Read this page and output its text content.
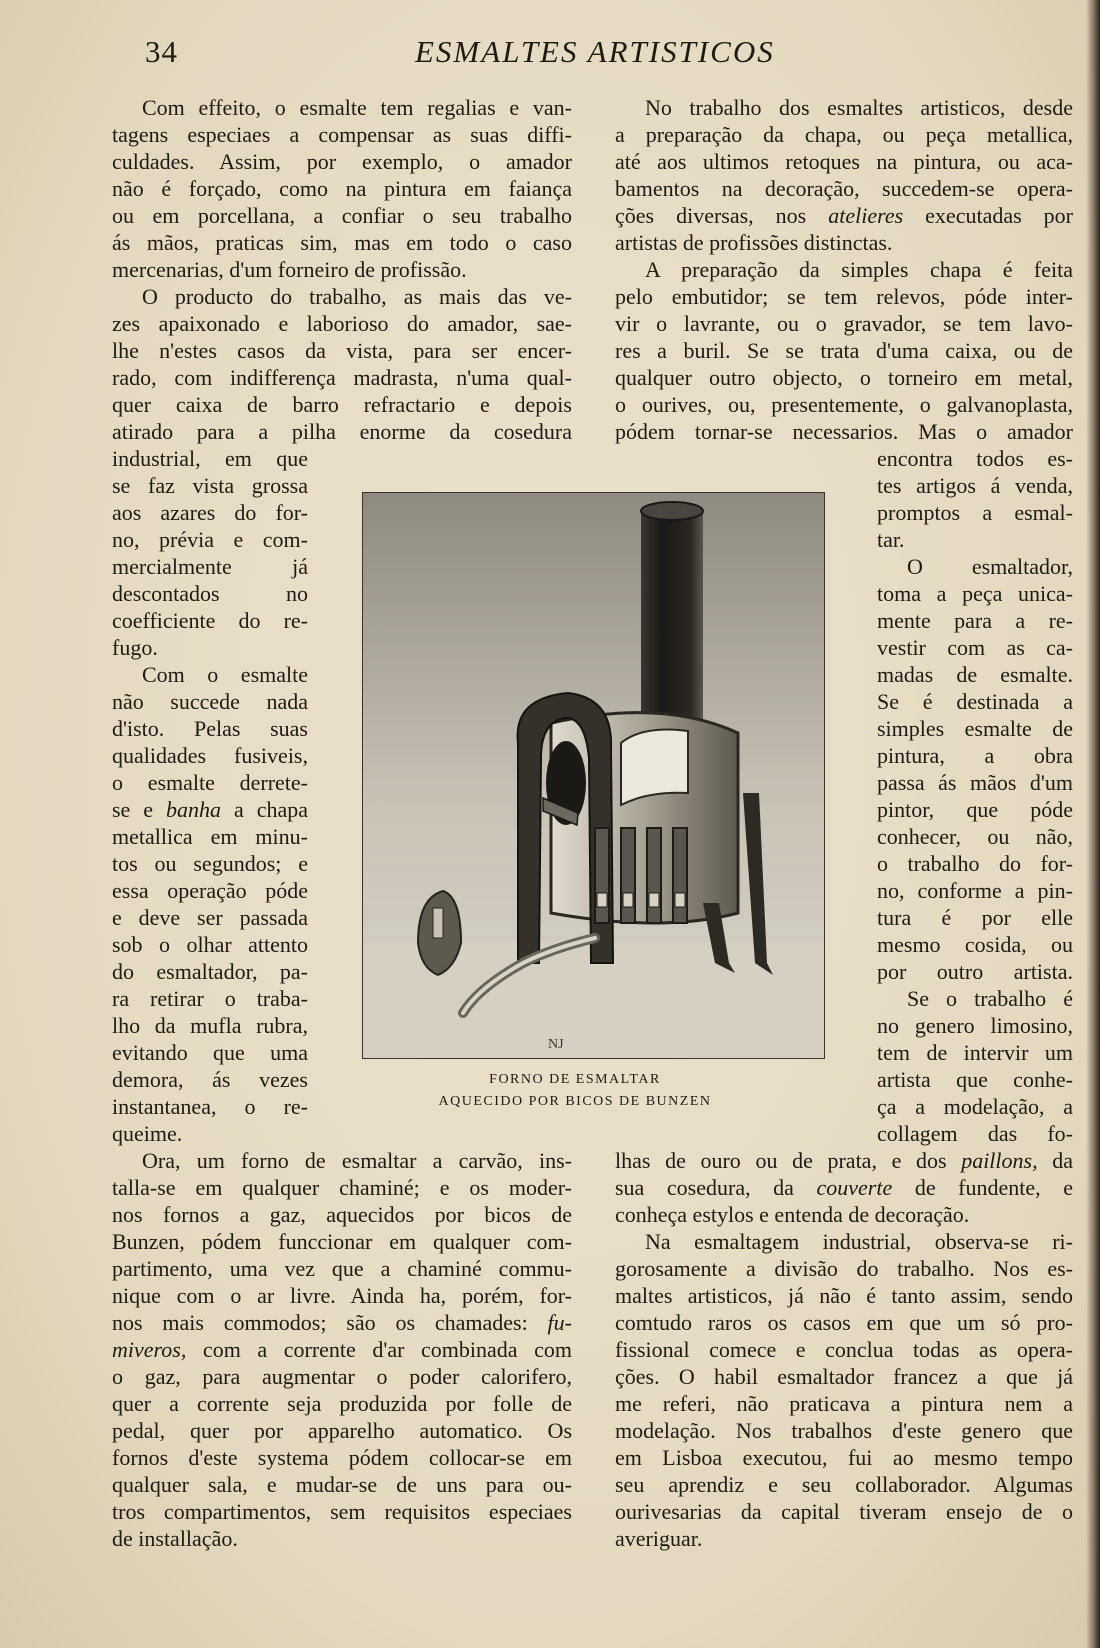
34	ESMALTES ARTISTICOS
Com effeito, o esmalte tem regalias e van-
tagens especiaes a compensar as suas diffi-
culdades. Assim, por exemplo, o amador
não é forçado, como na pintura em faiança
ou em porcellana, a confiar o seu trabalho
ás mãos, praticas sim, mas em todo o caso
mercenarias, d'um forneiro de profissão.
O producto do trabalho, as mais das ve-
zes apaixonado e laborioso do amador, sae-
lhe n'estes casos da vista, para ser encer-
rado, com indifferença madrasta, n'uma qual-
quer caixa de barro refractario e depois
atirado para a pilha enorme da cosedura
industrial, em que
se faz vista grossa
aos azares do for-
no, prévia e com-
mercialmente já
descontados no
coefficiente do re-
fugo.
Com o esmalte
não succede nada
d'isto. Pelas suas
qualidades fusiveis,
o esmalte derrete-
se e banha a chapa
metallica em minu-
tos ou segundos; e
essa operação póde
e deve ser passada
sob o olhar attento
do esmaltador, pa-
ra retirar o traba-
lho da mufla rubra,
evitando que uma
demora, ás vezes
instantanea, o re-
queime.
Ora, um forno de esmaltar a carvão, ins-
talla-se em qualquer chaminé; e os moder-
nos fornos a gaz, aquecidos por bicos de
Bunzen, pódem funccionar em qualquer com-
partimento, uma vez que a chaminé commu-
nique com o ar livre. Ainda ha, porém, for-
nos mais commodos; são os chamades: fu-
miveros, com a corrente d'ar combinada com
o gaz, para augmentar o poder calorifero,
quer a corrente seja produzida por folle de
pedal, quer por apparelho automatico. Os
fornos d'este systema pódem collocar-se em
qualquer sala, e mudar-se de uns para ou-
tros compartimentos, sem requisitos especiaes
de installação.
No trabalho dos esmaltes artisticos, desde
a preparação da chapa, ou peça metallica,
até aos ultimos retoques na pintura, ou aca-
bamentos na decoração, succedem-se opera-
ções diversas, nos atelieres executadas por
artistas de profissões distinctas.
A preparação da simples chapa é feita
pelo embutidor; se tem relevos, póde inter-
vir o lavrante, ou o gravador, se tem lavo-
res a buril. Se se trata d'uma caixa, ou de
qualquer outro objecto, o torneiro em metal,
o ourives, ou, presentemente, o galvanoplasta,
pódem tornar-se necessarios. Mas o amador
encontra todos es-
tes artigos á venda,
promptos a esmal-
tar.
O esmaltador,
toma a peça unica-
mente para a re-
vestir com as ca-
madas de esmalte.
Se é destinada a
simples esmalte de
pintura, a obra
passa ás mãos d'um
pintor, que póde
conhecer, ou não,
o trabalho do for-
no, conforme a pin-
tura é por elle
mesmo cosida, ou
por outro artista.
Se o trabalho é
no genero limosino,
tem de intervir um
artista que conhe-
ça a modelação, a
collagem das fo-
lhas de ouro ou de prata, e dos paillons, da
sua cosedura, da couverte de fundente, e
conheça estylos e entenda de decoração.
Na esmaltagem industrial, observa-se ri-
gorosamente a divisão do trabalho. Nos es-
maltes artisticos, já não é tanto assim, sendo
comtudo raros os casos em que um só pro-
fissional comece e conclua todas as opera-
ções. O habil esmaltador francez a que já
me referi, não praticava a pintura nem a
modelação. Nos trabalhos d'este genero que
em Lisboa executou, fui ao mesmo tempo
seu aprendiz e seu collaborador. Algumas
ourivesarias da capital tiveram ensejo de o
averiguar.
NJ
FORNO DE ESMALTAR
AQUECIDO POR BICOS DE BUNZEN
